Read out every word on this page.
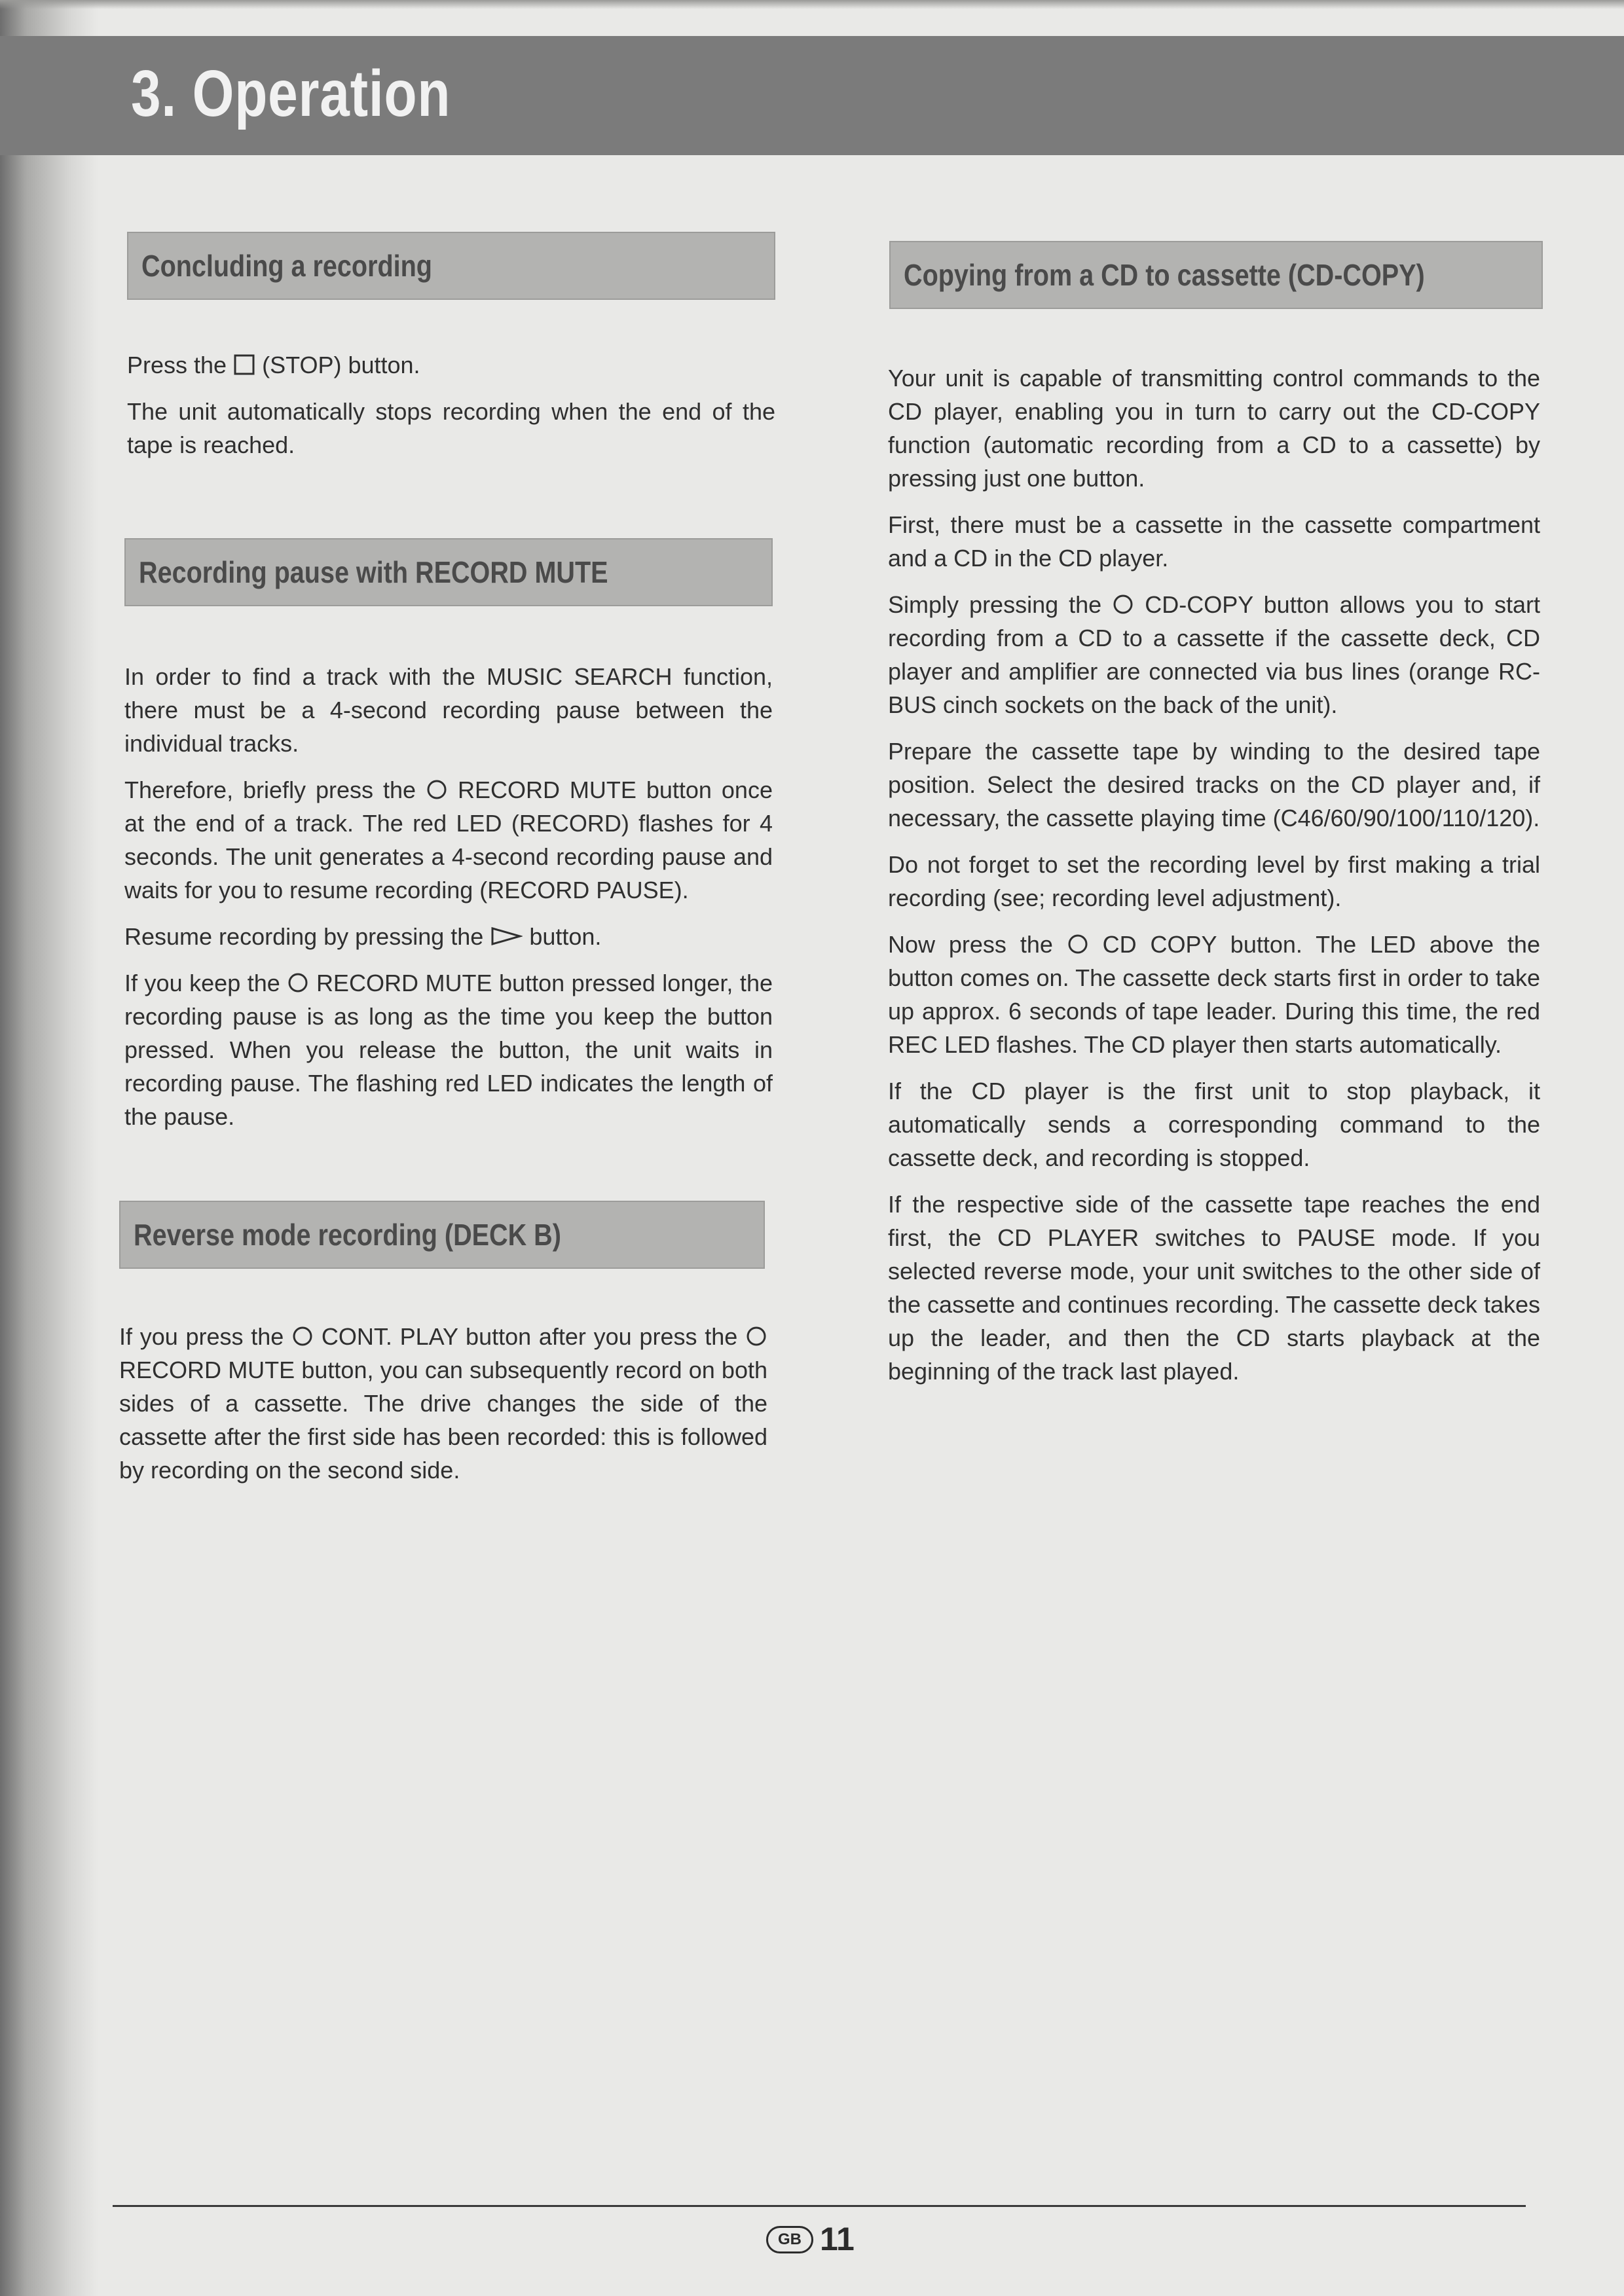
3. Operation
Concluding a recording

Press the (STOP) button.

The unit automatically stops recording when the end of the tape is reached.

Recording pause with RECORD MUTE

In order to find a track with the MUSIC SEARCH function, there must be a 4-second recording pause between the individual tracks.

Therefore, briefly press the RECORD MUTE button once at the end of a track. The red LED (RECORD) flashes for 4 seconds. The unit generates a 4-second recording pause and waits for you to resume recording (RECORD PAUSE).

Resume recording by pressing the button.

If you keep the RECORD MUTE button pressed longer, the recording pause is as long as the time you keep the button pressed. When you release the button, the unit waits in recording pause. The flashing red LED indicates the length of the pause.

Reverse mode recording (DECK B)

If you press the CONT. PLAY button after you press the  RECORD MUTE button, you can subsequently record on both sides of a cassette. The drive changes the side of the cassette after the first side has been recorded: this is followed by recording on the second side.

Copying from a CD to cassette (CD-COPY)

Your unit is capable of transmitting control commands to the CD player, enabling you in turn to carry out the CD-COPY function (automatic recording from a CD to a cassette) by pressing just one button.

First, there must be a cassette in the cassette compartment and a CD in the CD player.

Simply pressing the CD-COPY button allows you to start recording from a CD to a cassette if the cassette deck, CD player and amplifier are connected via bus lines (orange RC-BUS cinch sockets on the back of the unit).

Prepare the cassette tape by winding to the desired tape position. Select the desired tracks on the CD player and, if necessary, the cassette playing time (C46/60/90/100/110/120).

Do not forget to set the recording level by first making a trial recording (see; recording level adjustment).

Now press the CD COPY button. The LED above the button comes on. The cassette deck starts first in order to take up approx. 6 seconds of tape leader. During this time, the red REC LED flashes. The CD player then starts automatically.

If the CD player is the first unit to stop playback, it automatically sends a corresponding command to the cassette deck, and recording is stopped.

If the respective side of the cassette tape reaches the end first, the CD PLAYER switches to PAUSE mode. If you selected reverse mode, your unit switches to the other side of the cassette and continues recording. The cassette deck takes up the leader, and then the CD starts playback at the beginning of the track last played.

GB 11
